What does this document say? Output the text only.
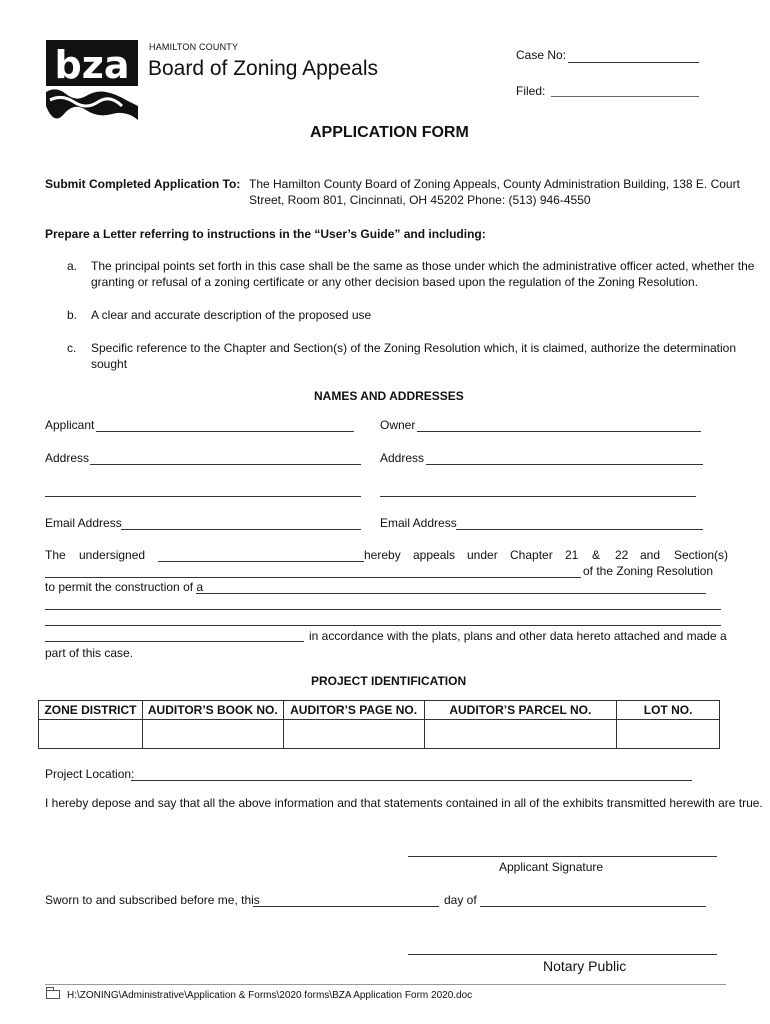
bza HAMILTON COUNTY
Board of Zoning Appeals
Case No:
Filed:
APPLICATION FORM
Submit Completed Application To: The Hamilton County Board of Zoning Appeals, County Administration Building, 138 E. Court
Street, Room 801, Cincinnati, OH 45202 Phone: (513) 946-4550
Prepare a Letter referring to instructions in the “User’s Guide” and including:
a. The principal points set forth in this case shall be the same as those under which the administrative officer acted, whether the
granting or refusal of a zoning certificate or any other decision based upon the regulation of the Zoning Resolution.
b. A clear and accurate description of the proposed use
c. Specific reference to the Chapter and Section(s) of the Zoning Resolution which, it is claimed, authorize the determination
sought
NAMES AND ADDRESSES
Applicant	Owner
Address	Address
Email Address	Email Address
The undersigned	hereby appeals under Chapter 21 & 22 and Section(s)
of the Zoning Resolution
to permit the construction of a
in accordance with the plats, plans and other data hereto attached and made a
part of this case.
PROJECT IDENTIFICATION
ZONE DISTRICT	AUDITOR’S BOOK NO.	AUDITOR’S PAGE NO.	AUDITOR’S PARCEL NO.	LOT NO.

Project Location:
I hereby depose and say that all the above information and that statements contained in all of the exhibits transmitted herewith are true.
Applicant Signature
Sworn to and subscribed before me, this	day of
Notary Public
H:\ZONING\Administrative\Application & Forms\2020 forms\BZA Application Form 2020.doc
